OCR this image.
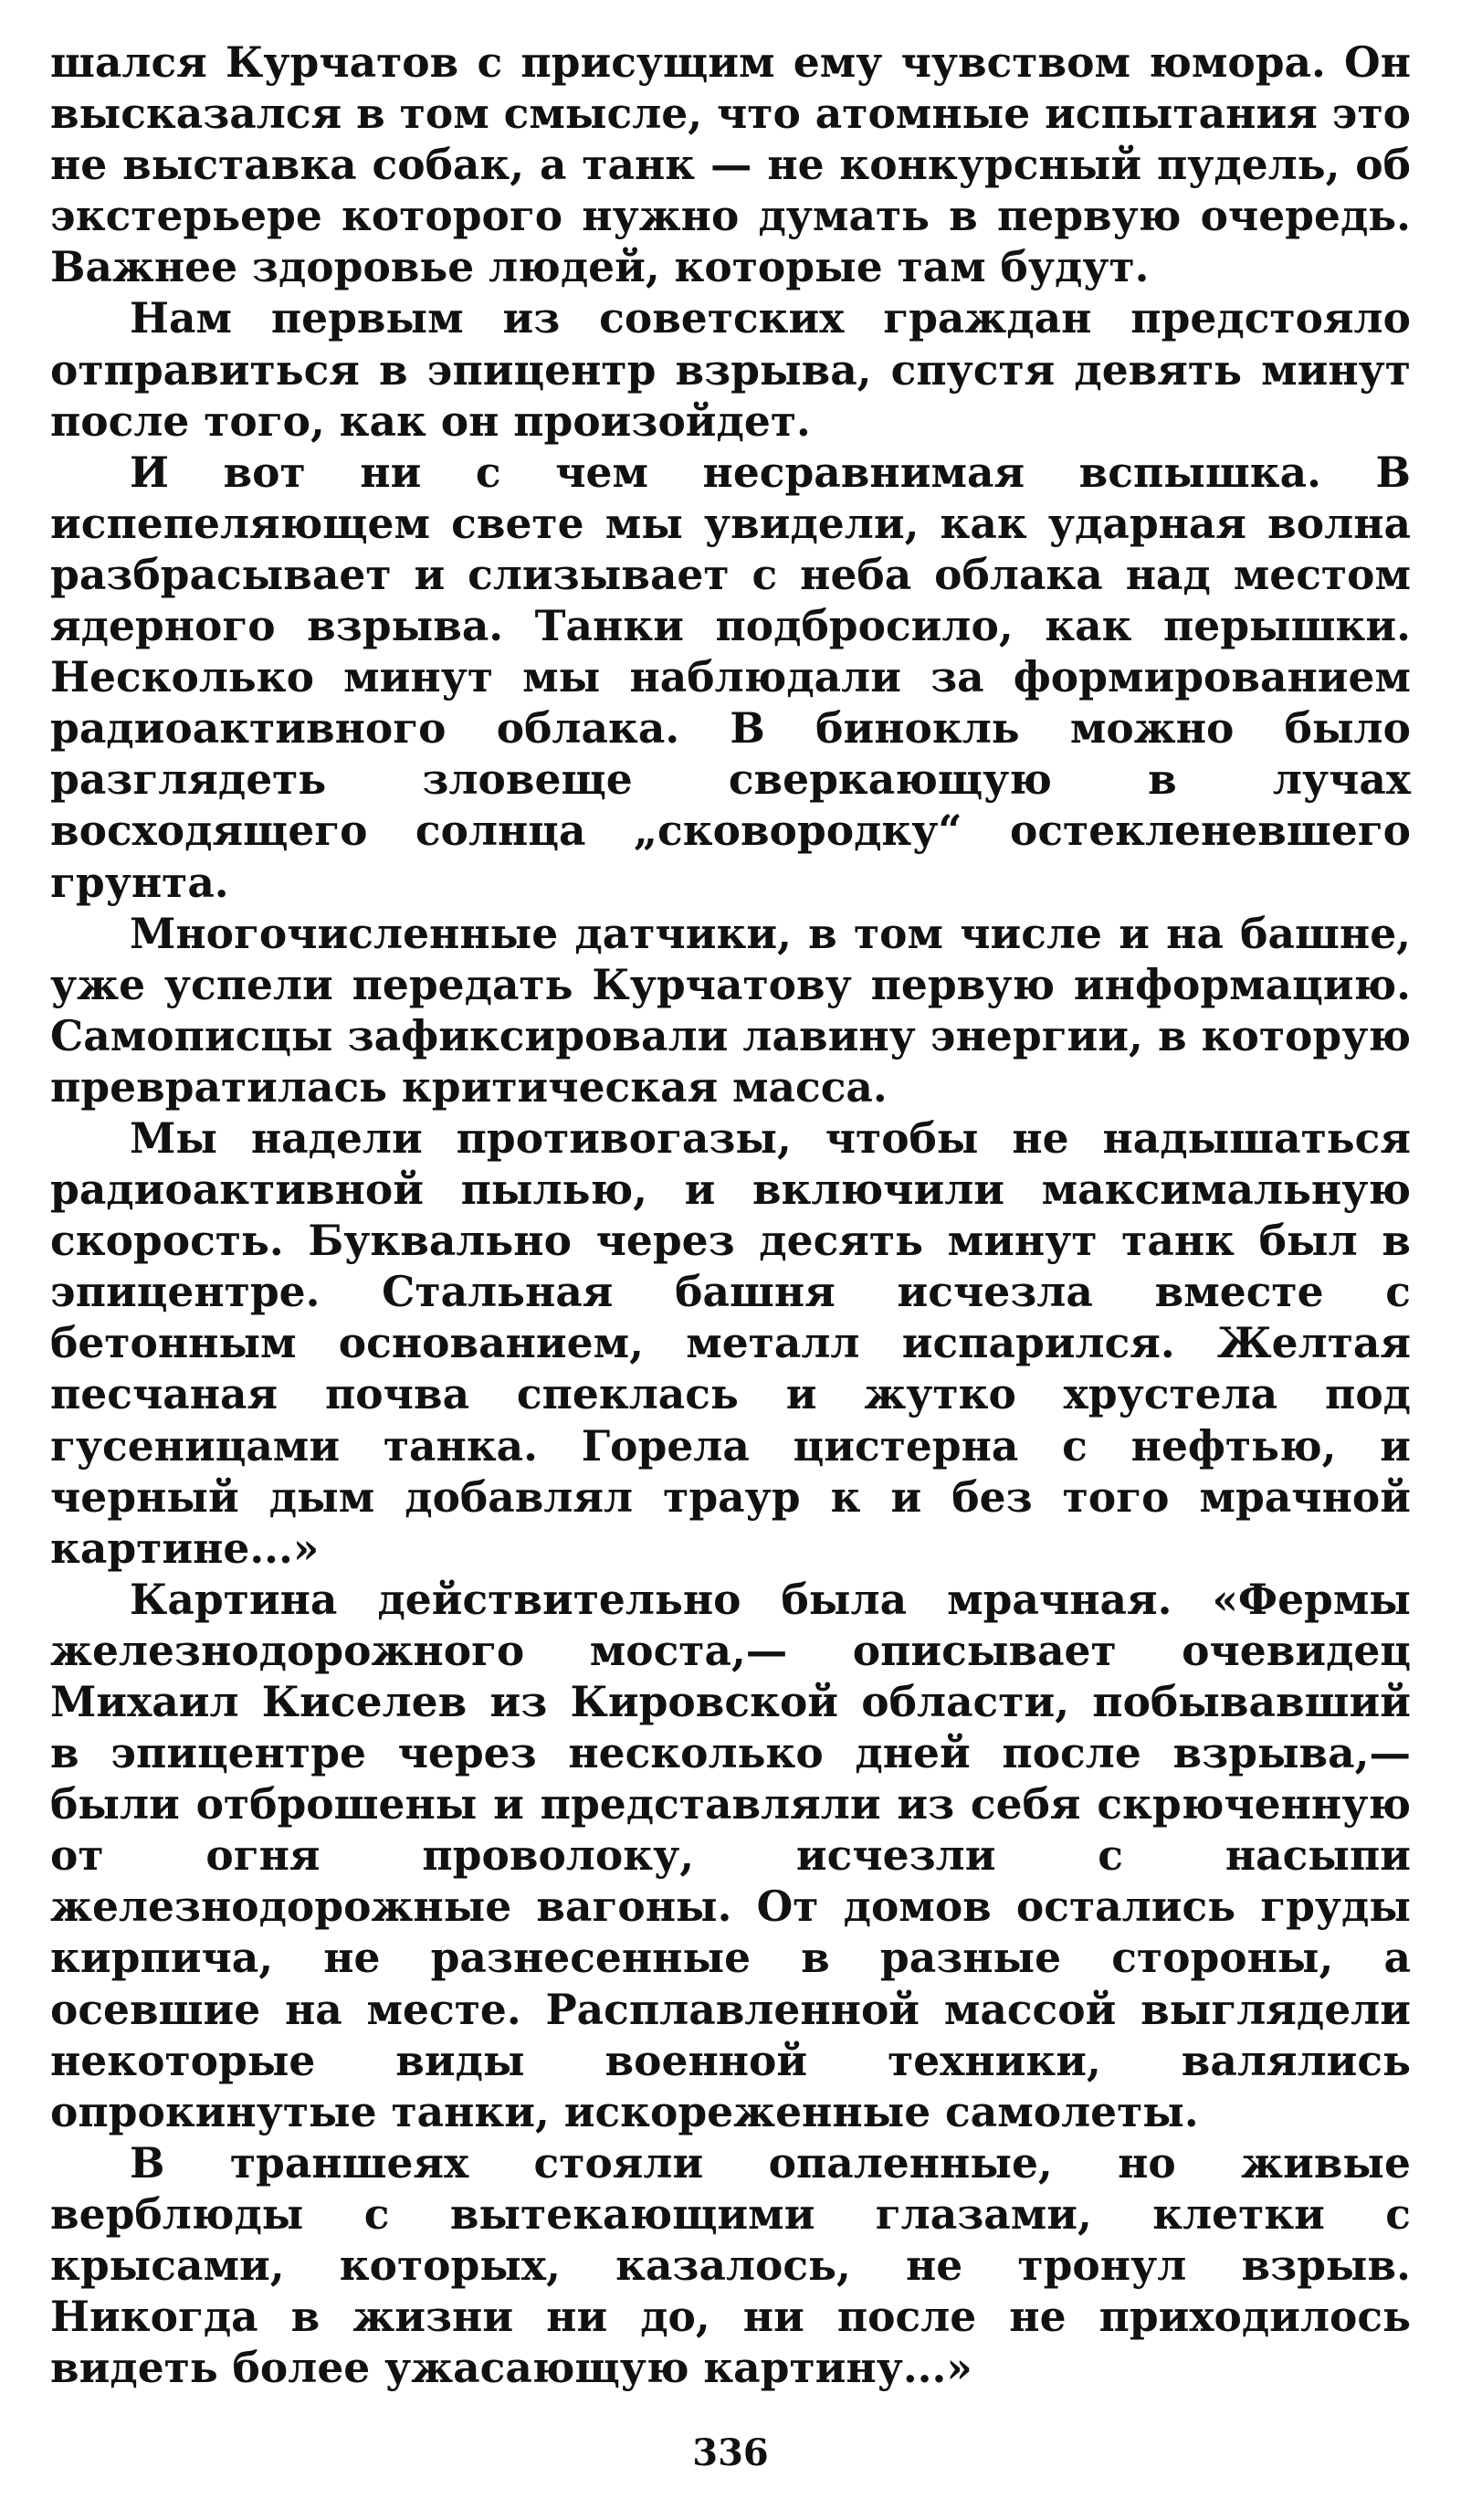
шался Курчатов с присущим ему чувством юмора. Он высказался в том смысле, что атомные испытания это не выставка собак, а танк — не конкурсный пудель, об экстерьере которого нужно думать в первую очередь. Важнее здоровье людей, которые там будут.

Нам первым из советских граждан предстояло отправиться в эпицентр взрыва, спустя девять минут после того, как он произойдет.

И вот ни с чем несравнимая вспышка. В испепеляющем свете мы увидели, как ударная волна разбрасывает и слизывает с неба облака над местом ядерного взрыва. Танки подбросило, как перышки. Несколько минут мы наблюдали за формированием радиоактивного облака. В бинокль можно было разглядеть зловеще сверкающую в лучах восходящего солнца „сковородку“ остекленевшего грунта.

Многочисленные датчики, в том числе и на башне, уже успели передать Курчатову первую информацию. Самописцы зафиксировали лавину энергии, в которую превратилась критическая масса.

Мы надели противогазы, чтобы не надышаться радиоактивной пылью, и включили максимальную скорость. Буквально через десять минут танк был в эпицентре. Стальная башня исчезла вместе с бетонным основанием, металл испарился. Желтая песчаная почва спеклась и жутко хрустела под гусеницами танка. Горела цистерна с нефтью, и черный дым добавлял траур к и без того мрачной картине...»

Картина действительно была мрачная. «Фермы железнодорожного моста,— описывает очевидец Михаил Киселев из Кировской области, побывавший в эпицентре через несколько дней после взрыва,— были отброшены и представляли из себя скрюченную от огня проволоку, исчезли с насыпи железнодорожные вагоны. От домов остались груды кирпича, не разнесенные в разные стороны, а осевшие на месте. Расплавленной массой выглядели некоторые виды военной техники, валялись опрокинутые танки, искореженные самолеты.

В траншеях стояли опаленные, но живые верблюды с вытекающими глазами, клетки с крысами, которых, казалось, не тронул взрыв. Никогда в жизни ни до, ни после не приходилось видеть более ужасающую картину...»

336
